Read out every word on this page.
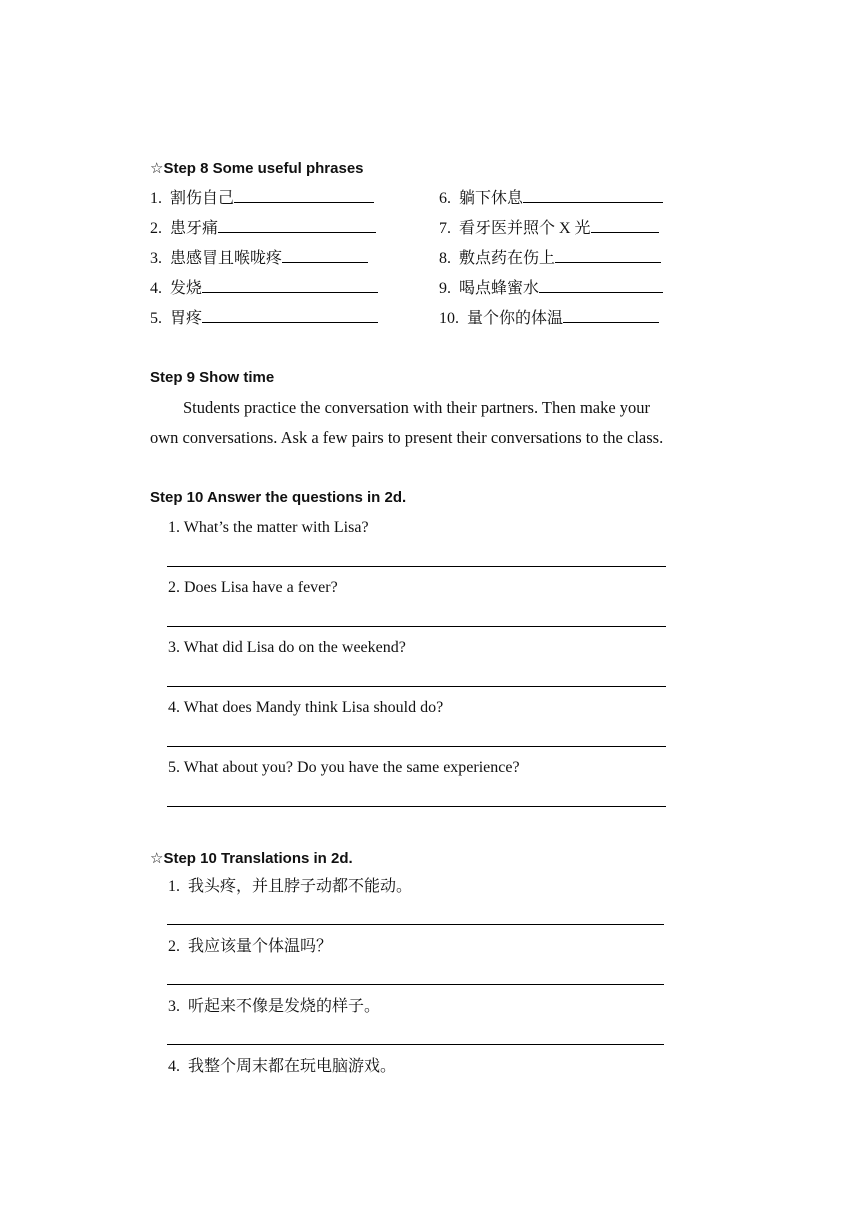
☆Step 8 Some useful phrases
1. 割伤自己
2. 患牙痛
3. 患感冒且喉咙疼
4. 发烧
5. 胃疼
6. 躺下休息
7. 看牙医并照个 X 光
8. 敷点药在伤上
9. 喝点蜂蜜水
10. 量个你的体温
Step 9 Show time
Students practice the conversation with their partners. Then make your
own conversations. Ask a few pairs to present their conversations to the class.
Step 10 Answer the questions in 2d.
1. What’s the matter with Lisa?
2. Does Lisa have a fever?
3. What did Lisa do on the weekend?
4. What does Mandy think Lisa should do?
5. What about you? Do you have the same experience?
☆Step 10 Translations in 2d.
1. 我头疼，并且脖子动都不能动。
2. 我应该量个体温吗？
3. 听起来不像是发烧的样子。
4. 我整个周末都在玩电脑游戏。
